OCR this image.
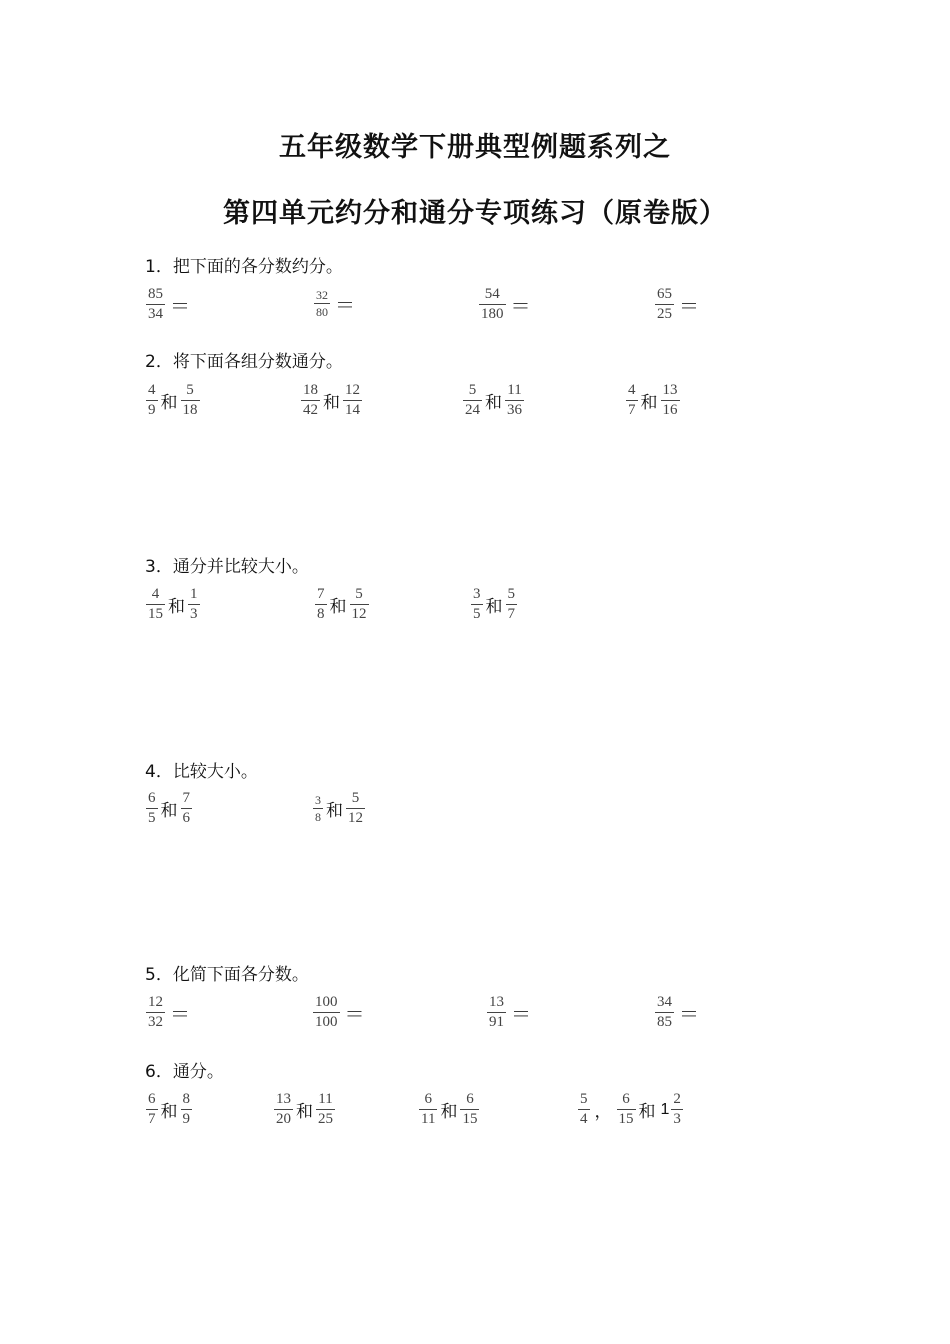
五年级数学下册典型例题系列之
第四单元约分和通分专项练习（原卷版）
1．把下面的各分数约分。
$\frac{85}{34}$ ＝	$\frac{32}{80}$ ＝	$\frac{54}{180}$ ＝	$\frac{65}{25}$ ＝
2．将下面各组分数通分。
$\frac{4}{9}$ 和 $\frac{5}{18}$	$\frac{18}{42}$ 和 $\frac{12}{14}$	$\frac{5}{24}$ 和 $\frac{11}{36}$	$\frac{4}{7}$ 和 $\frac{13}{16}$
3．通分并比较大小。
$\frac{4}{15}$ 和 $\frac{1}{3}$	$\frac{7}{8}$ 和 $\frac{5}{12}$	$\frac{3}{5}$ 和 $\frac{5}{7}$
4．比较大小。
$\frac{6}{5}$ 和 $\frac{7}{6}$	$\frac{3}{8}$ 和 $\frac{5}{12}$
5．化简下面各分数。
$\frac{12}{32}$ ＝	$\frac{100}{100}$ ＝	$\frac{13}{91}$ ＝	$\frac{34}{85}$ ＝
6．通分。
$\frac{6}{7}$ 和 $\frac{8}{9}$	$\frac{13}{20}$ 和 $\frac{11}{25}$	$\frac{6}{11}$ 和 $\frac{6}{15}$	$\frac{5}{4}$ ， $\frac{6}{15}$ 和 $1 \frac{2}{3}$
